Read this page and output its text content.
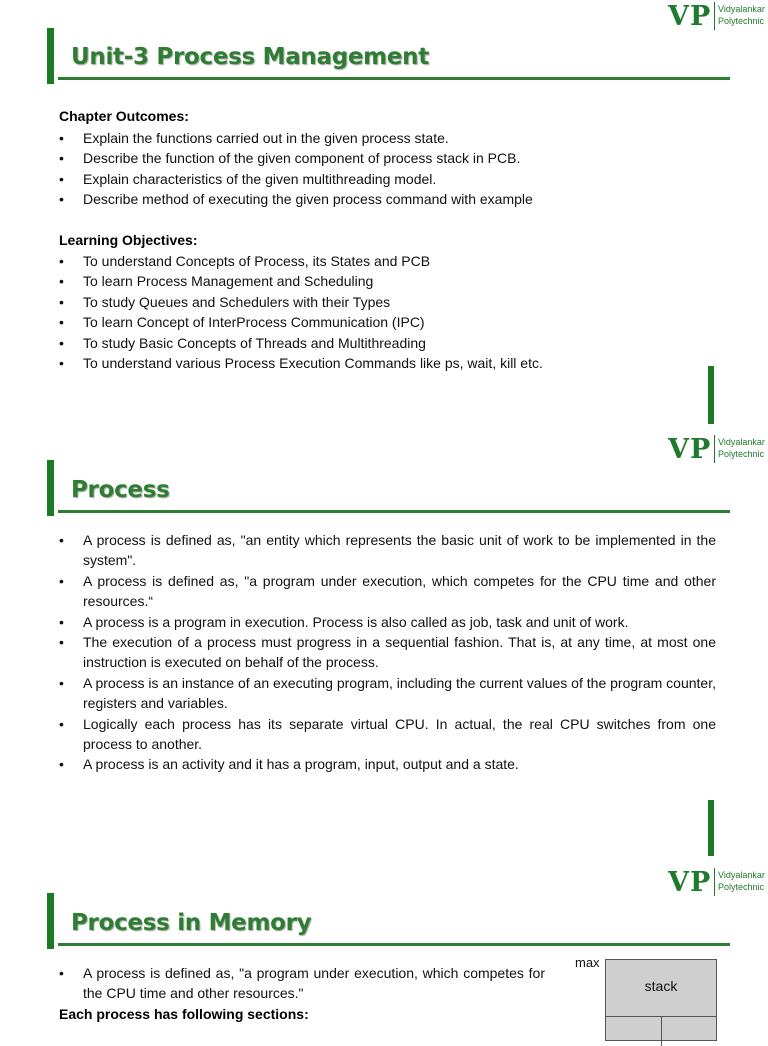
VP Vidyalankar
Polytechnic
Unit-3 Process Management
Chapter Outcomes:
• Explain the functions carried out in the given process state.
• Describe the function of the given component of process stack in PCB.
• Explain characteristics of the given multithreading model.
• Describe method of executing the given process command with example
Learning Objectives:
• To understand Concepts of Process, its States and PCB
• To learn Process Management and Scheduling
• To study Queues and Schedulers with their Types
• To learn Concept of InterProcess Communication (IPC)
• To study Basic Concepts of Threads and Multithreading
• To understand various Process Execution Commands like ps, wait, kill etc.
VP Vidyalankar
Polytechnic
Process
• A process is defined as, "an entity which represents the basic unit of work to be implemented in the system".
• A process is defined as, "a program under execution, which competes for the CPU time and other resources.“
• A process is a program in execution. Process is also called as job, task and unit of work.
• The execution of a process must progress in a sequential fashion. That is, at any time, at most one instruction is executed on behalf of the process.
• A process is an instance of an executing program, including the current values of the program counter, registers and variables.
• Logically each process has its separate virtual CPU. In actual, the real CPU switches from one process to another.
• A process is an activity and it has a program, input, output and a state.
VP Vidyalankar
Polytechnic
Process in Memory
• A process is defined as, "a program under execution, which competes for the CPU time and other resources."
Each process has following sections:
max
stack
